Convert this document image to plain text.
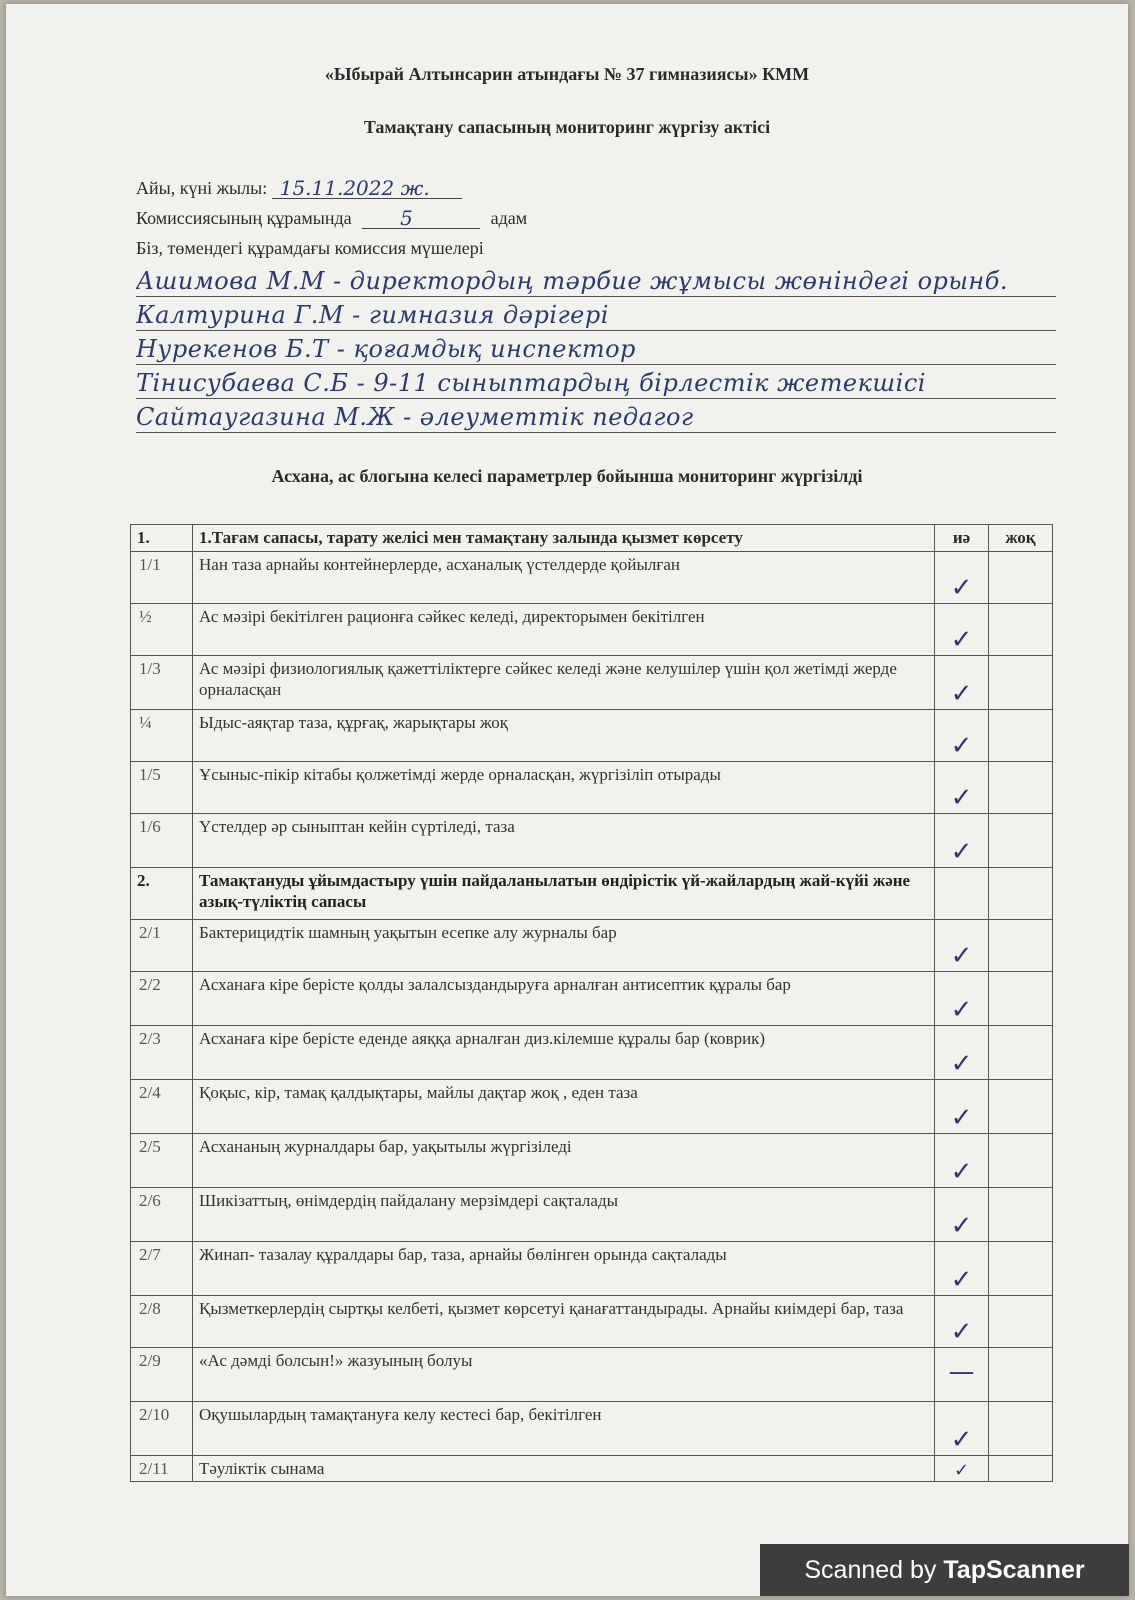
«Ыбырай Алтынсарин атындағы № 37 гимназиясы» КММ
Тамақтану сапасының мониторинг жүргізу актісі
Айы, күні жылы: 15.11.2022 ж.
Комиссиясының құрамында 5	адам
Біз, төмендегі құрамдағы комиссия мүшелері
Ашимова М.М - директордың тәрбие жұмысы жөніндегі орынб.
Калтурина Г.М - гимназия дәрігері
Нурекенов Б.Т - қоғамдық инспектор
Тінисубаева С.Б - 9-11 сыныптардың бірлестік жетекшісі
Сайтаугазина М.Ж - әлеуметтік педагог
Асхана, ас блогына келесі параметрлер бойынша мониторинг жүргізілді
1.	1.Тағам сапасы, тарату желісі мен тамақтану залында қызмет көрсету	иә	жоқ
1/1	Нан таза арнайы контейнерлерде, асханалық үстелдерде қойылған	✓	
½	Ас мәзірі бекітілген рационға сәйкес келеді, директорымен бекітілген	✓	
1/3	Ас мәзірі физиологиялық қажеттіліктерге сәйкес келеді және келушілер үшін қол жетімді жерде орналасқан	✓	
¼	Ыдыс-аяқтар таза, құрғақ, жарықтары жоқ	✓	
1/5	Ұсыныс-пікір кітабы қолжетімді жерде орналасқан, жүргізіліп отырады	✓	
1/6	Үстелдер әр сыныптан кейін сүртіледі, таза	✓	
2.	Тамақтануды ұйымдастыру үшін пайдаланылатын өндірістік үй-жайлардың жай-күйі және азық-түліктің сапасы		
2/1	Бактерицидтік шамның уақытын есепке алу журналы бар	✓	
2/2	Асханаға кіре берісте қолды залалсыздандыруға арналған антисептик құралы бар	✓	
2/3	Асханаға кіре берісте еденде аяққа арналған диз.кілемше құралы бар (коврик)	✓	
2/4	Қоқыс, кір, тамақ қалдықтары, майлы дақтар жоқ , еден таза	✓	
2/5	Асхананың журналдары бар, уақытылы жүргізіледі	✓	
2/6	Шикізаттың, өнімдердің пайдалану мерзімдері сақталады	✓	
2/7	Жинап- тазалау құралдары бар, таза, арнайы бөлінген орында сақталады	✓	
2/8	Қызметкерлердің сыртқы келбеті, қызмет көрсетуі қанағаттандырады. Арнайы киімдері бар, таза	✓	
2/9	«Ас дәмді болсын!» жазуының болуы	—	
2/10	Оқушылардың тамақтануға келу кестесі бар, бекітілген	✓	
2/11	Тәуліктік сынама	✓	
Scanned by TapScanner
